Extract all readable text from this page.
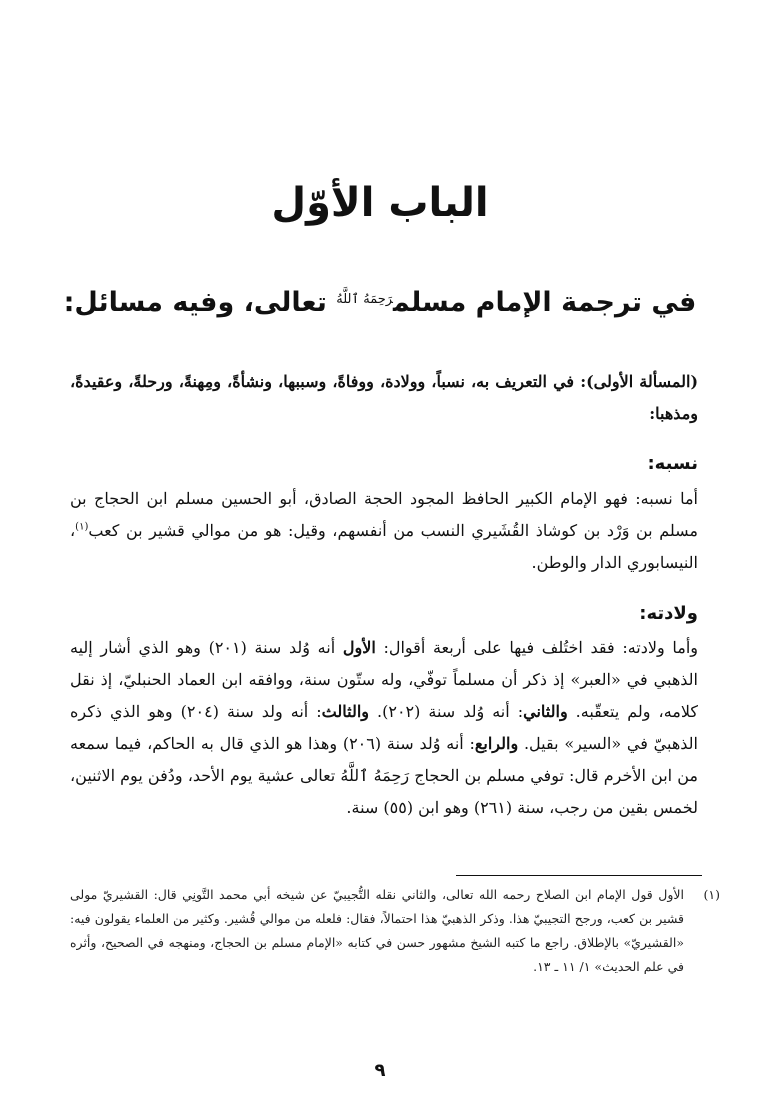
الباب الأوّل
في ترجمة الإمام مسلم$^{رَحِمَهُ ٱللَّهُ}$ تعالى، وفيه مسائل:
(المسألة الأولى): في التعريف به، نسباً، وولادة، ووفاةً، وسببها، ونشأةً، ومِهنةً، ورحلةً، وعقيدةً، ومذهبا:
نسبه:
أما نسبه: فهو الإمام الكبير الحافظ المجود الحجة الصادق، أبو الحسين مسلم ابن الحجاج بن مسلم بن وَرْد بن كوشاذ القُشَيري النسب من أنفسهم، وقيل: هو من موالي قشير بن كعب$^{(١)}$، النيسابوري الدار والوطن.
ولادته:
وأما ولادته: فقد اختُلف فيها على أربعة أقوال: الأول أنه وُلد سنة (٢٠١) وهو الذي أشار إليه الذهبي في «العبر» إذ ذكر أن مسلماً توفّي، وله ستّون سنة، ووافقه ابن العماد الحنبليّ، إذ نقل كلامه، ولم يتعقّبه. والثاني: أنه وُلد سنة (٢٠٢). والثالث: أنه ولد سنة (٢٠٤) وهو الذي ذكره الذهبيّ في «السير» بقيل. والرابع: أنه وُلد سنة (٢٠٦) وهذا هو الذي قال به الحاكم، فيما سمعه من ابن الأخرم قال: توفي مسلم بن الحجاج رَحِمَهُ ٱللَّهُ تعالى عشية يوم الأحد، ودُفن يوم الاثنين، لخمس بقين من رجب، سنة (٢٦١) وهو ابن (٥٥) سنة.
(١)
الأول قول الإمام ابن الصلاح رحمه الله تعالى، والثاني نقله التُّجيبيّ عن شيخه أبي محمد التَّونِي قال: القشيريّ مولى قشير بن كعب، ورجح التجيبيّ هذا. وذكر الذهبيّ هذا احتمالاً، فقال: فلعله من موالي قُشير. وكثير من العلماء يقولون فيه: «القشيريّ» بالإطلاق. راجع ما كتبه الشيخ مشهور حسن في كتابه «الإمام مسلم بن الحجاج، ومنهجه في الصحيح، وأثره في علم الحديث» ١/ ١١ ـ ١٣.
٩
